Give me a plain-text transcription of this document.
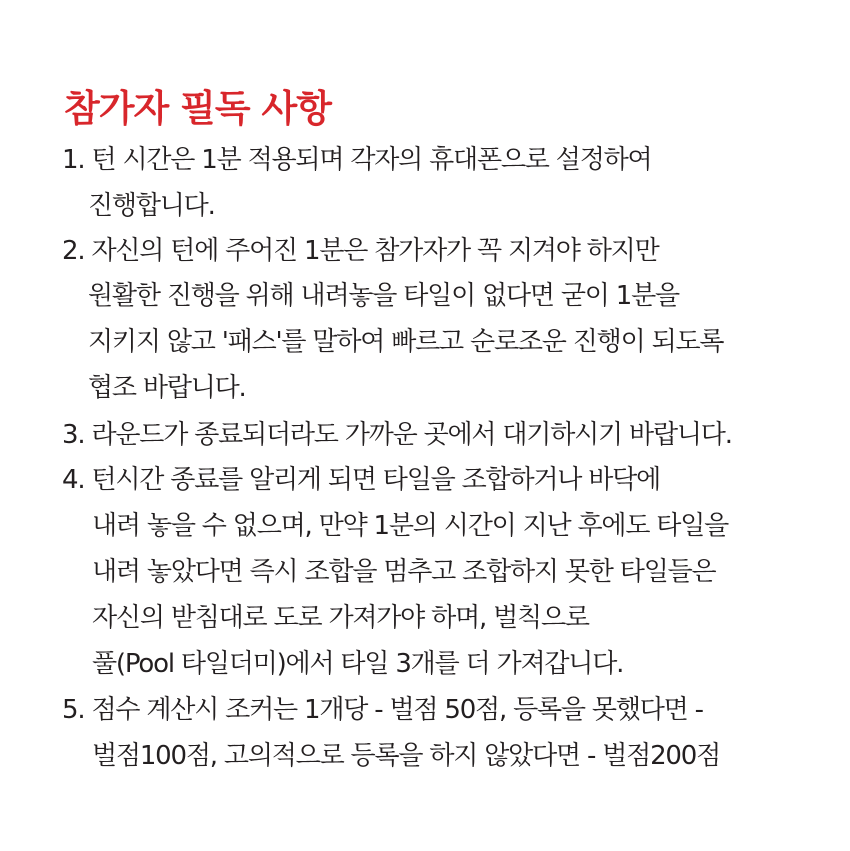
참가자 필독 사항
1. 턴 시간은 1분 적용되며 각자의 휴대폰으로 설정하여
진행합니다.
2. 자신의 턴에 주어진 1분은 참가자가 꼭 지겨야 하지만
원활한 진행을 위해 내려놓을 타일이 없다면 굳이 1분을
지키지 않고 '패스'를 말하여 빠르고 순로조운 진행이 되도록
협조 바랍니다.
3. 라운드가 종료되더라도 가까운 곳에서 대기하시기 바랍니다.
4. 턴시간 종료를 알리게 되면 타일을 조합하거나 바닥에
내려 놓을 수 없으며, 만약 1분의 시간이 지난 후에도 타일을
내려 놓았다면 즉시 조합을 멈추고 조합하지 못한 타일들은
자신의 받침대로 도로 가져가야 하며, 벌칙으로
풀(Pool 타일더미)에서 타일 3개를 더 가져갑니다.
5. 점수 계산시 조커는 1개당 - 벌점 50점, 등록을 못했다면 -
벌점100점, 고의적으로 등록을 하지 않았다면 - 벌점200점
